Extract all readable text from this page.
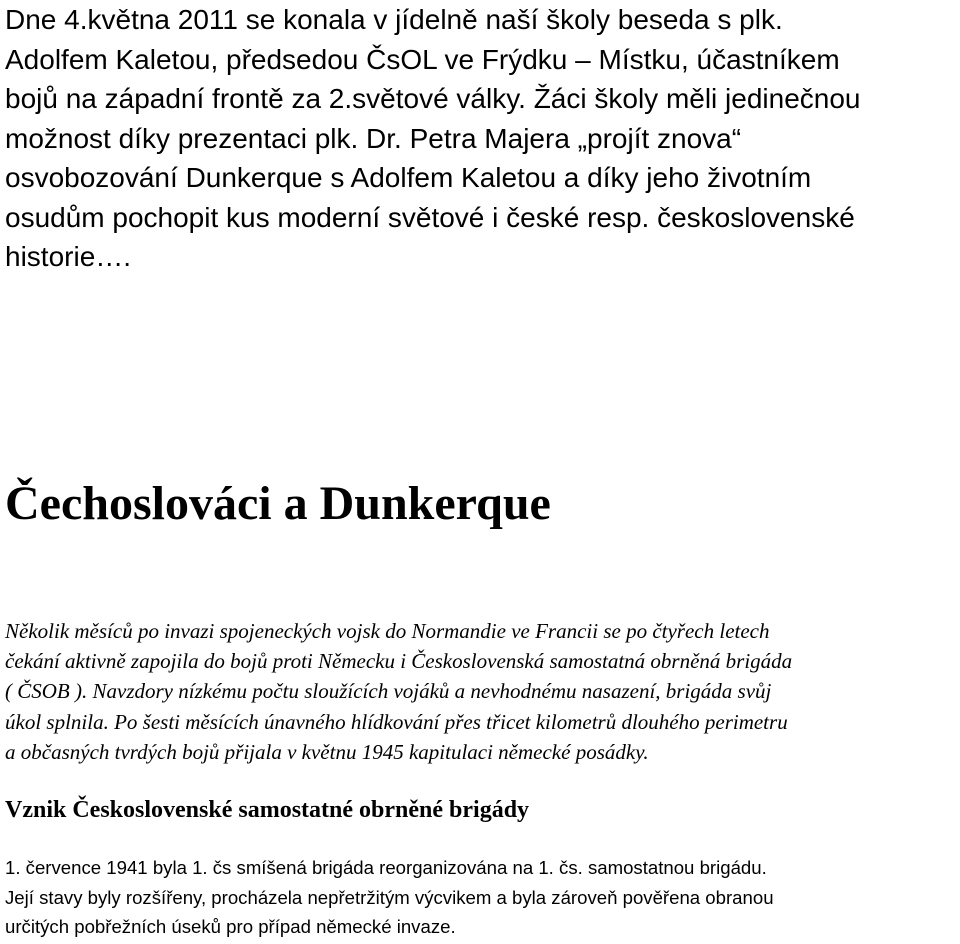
Dne 4.května 2011 se konala v jídelně naší školy beseda s plk.
Adolfem Kaletou, předsedou ČsOL ve Frýdku – Místku, účastníkem
bojů na západní frontě za 2.světové války. Žáci školy měli jedinečnou
možnost díky prezentaci plk. Dr. Petra Majera „projít znova“
osvobozování Dunkerque s Adolfem Kaletou a díky jeho životním
osudům pochopit kus moderní světové i české resp. československé
historie….

Čechoslováci a Dunkerque

Několik měsíců po invazi spojeneckých vojsk do Normandie ve Francii se po čtyřech letech
čekání aktivně zapojila do bojů proti Německu i Československá samostatná obrněná brigáda
( ČSOB ). Navzdory nízkému počtu sloužících vojáků a nevhodnému nasazení, brigáda svůj
úkol splnila. Po šesti měsících únavného hlídkování přes třicet kilometrů dlouhého perimetru
a občasných tvrdých bojů přijala v květnu 1945 kapitulaci německé posádky.

Vznik Československé samostatné obrněné brigády

1. července 1941 byla 1. čs smíšená brigáda reorganizována na 1. čs. samostatnou brigádu.
Její stavy byly rozšířeny, procházela nepřetržitým výcvikem a byla zároveň pověřena obranou
určitých pobřežních úseků pro případ německé invaze.
